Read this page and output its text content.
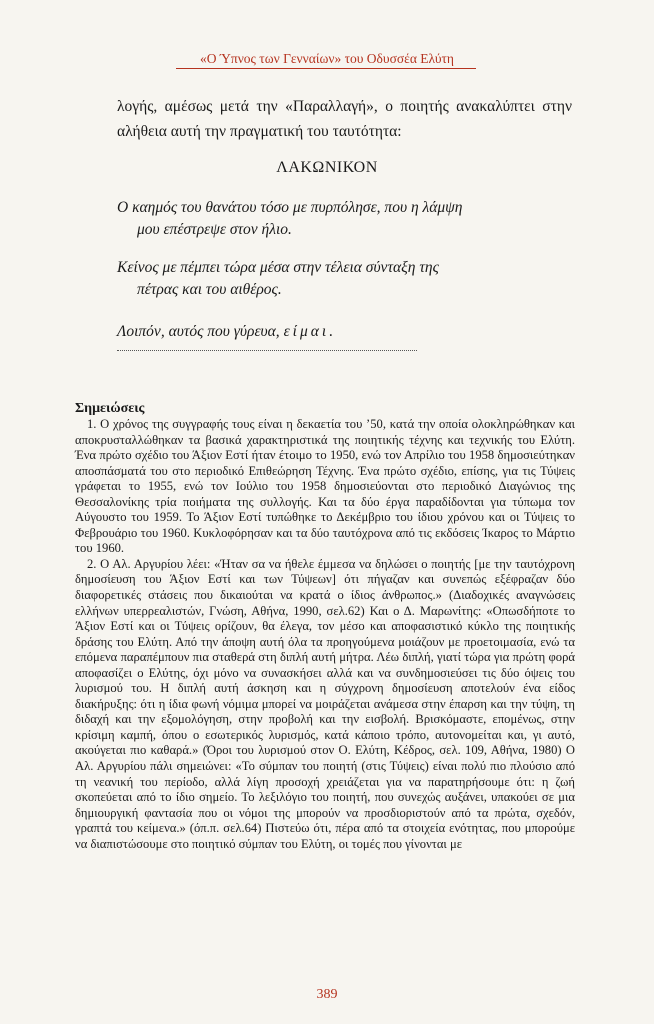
«Ο Ύπνος των Γενναίων» του Οδυσσέα Ελύτη
λογής, αμέσως μετά την «Παραλλαγή», ο ποιητής ανακαλύπτει στην αλήθεια αυτή την πραγματική του ταυτότητα:
ΛΑΚΩΝΙΚΟΝ
Ο καημός του θανάτου τόσο με πυρπόλησε, που η λάμψη
μου επέστρεψε στον ήλιο.
Κείνος με πέμπει τώρα μέσα στην τέλεια σύνταξη της
πέτρας και του αιθέρος.
Λοιπόν, αυτός που γύρευα, είμαι.
Σημειώσεις

1. Ο χρόνος της συγγραφής τους είναι η δεκαετία του ’50, κατά την οποία ολοκληρώθηκαν και αποκρυσταλλώθηκαν τα βασικά χαρακτηριστικά της ποιητικής τέχνης και τεχνικής του Ελύτη. Ένα πρώτο σχέδιο του Άξιον Εστί ήταν έτοιμο το 1950, ενώ τον Απρίλιο του 1958 δημοσιεύτηκαν αποσπάσματά του στο περιοδικό Επιθεώρηση Τέχνης. Ένα πρώτο σχέδιο, επίσης, για τις Τύψεις γράφεται το 1955, ενώ τον Ιούλιο του 1958 δημοσιεύονται στο περιοδικό Διαγώνιος της Θεσσαλονίκης τρία ποιήματα της συλλογής. Και τα δύο έργα παραδίδονται για τύπωμα τον Αύγουστο του 1959. Το Άξιον Εστί τυπώθηκε το Δεκέμβριο του ίδιου χρόνου και οι Τύψεις το Φεβρουάριο του 1960. Κυκλοφόρησαν και τα δύο ταυτόχρονα από τις εκδόσεις Ίκαρος το Μάρτιο του 1960.

2. Ο Αλ. Αργυρίου λέει: «Ήταν σα να ήθελε έμμεσα να δηλώσει ο ποιητής [με την ταυτόχρονη δημοσίευση του Άξιον Εστί και των Τύψεων] ότι πήγαζαν και συνεπώς εξέφραζαν δύο διαφορετικές στάσεις που δικαιούται να κρατά ο ίδιος άνθρωπος.» (Διαδοχικές αναγνώσεις ελλήνων υπερρεαλιστών, Γνώση, Αθήνα, 1990, σελ.62) Και ο Δ. Μαρωνίτης: «Οπωσδήποτε το Άξιον Εστί και οι Τύψεις ορίζουν, θα έλεγα, τον μέσο και αποφασιστικό κύκλο της ποιητικής δράσης του Ελύτη. Από την άποψη αυτή όλα τα προηγούμενα μοιάζουν με προετοιμασία, ενώ τα επόμενα παραπέμπουν πια σταθερά στη διπλή αυτή μήτρα. Λέω διπλή, γιατί τώρα για πρώτη φορά αποφασίζει ο Ελύτης, όχι μόνο να συνασκήσει αλλά και να συνδημοσιεύσει τις δύο όψεις του λυρισμού του. Η διπλή αυτή άσκηση και η σύγχρονη δημοσίευση αποτελούν ένα είδος διακήρυξης: ότι η ίδια φωνή νόμιμα μπορεί να μοιράζεται ανάμεσα στην έπαρση και την τύψη, τη διδαχή και την εξομολόγηση, στην προβολή και την εισβολή. Βρισκόμαστε, επομένως, στην κρίσιμη καμπή, όπου ο εσωτερικός λυρισμός, κατά κάποιο τρόπο, αυτονομείται και, γι αυτό, ακούγεται πιο καθαρά.» (Όροι του λυρισμού στον Ο. Ελύτη, Κέδρος, σελ. 109, Αθήνα, 1980) Ο Αλ. Αργυρίου πάλι σημειώνει: «Το σύμπαν του ποιητή (στις Τύψεις) είναι πολύ πιο πλούσιο από τη νεανική του περίοδο, αλλά λίγη προσοχή χρειάζεται για να παρατηρήσουμε ότι: η ζωή σκοπεύεται από το ίδιο σημείο. Το λεξιλόγιο του ποιητή, που συνεχώς αυξάνει, υπακούει σε μια δημιουργική φαντασία που οι νόμοι της μπορούν να προσδιοριστούν από τα πρώτα, σχεδόν, γραπτά του κείμενα.» (όπ.π. σελ.64) Πιστεύω ότι, πέρα από τα στοιχεία ενότητας, που μπορούμε να διαπιστώσουμε στο ποιητικό σύμπαν του Ελύτη, οι τομές που γίνονται με

389
